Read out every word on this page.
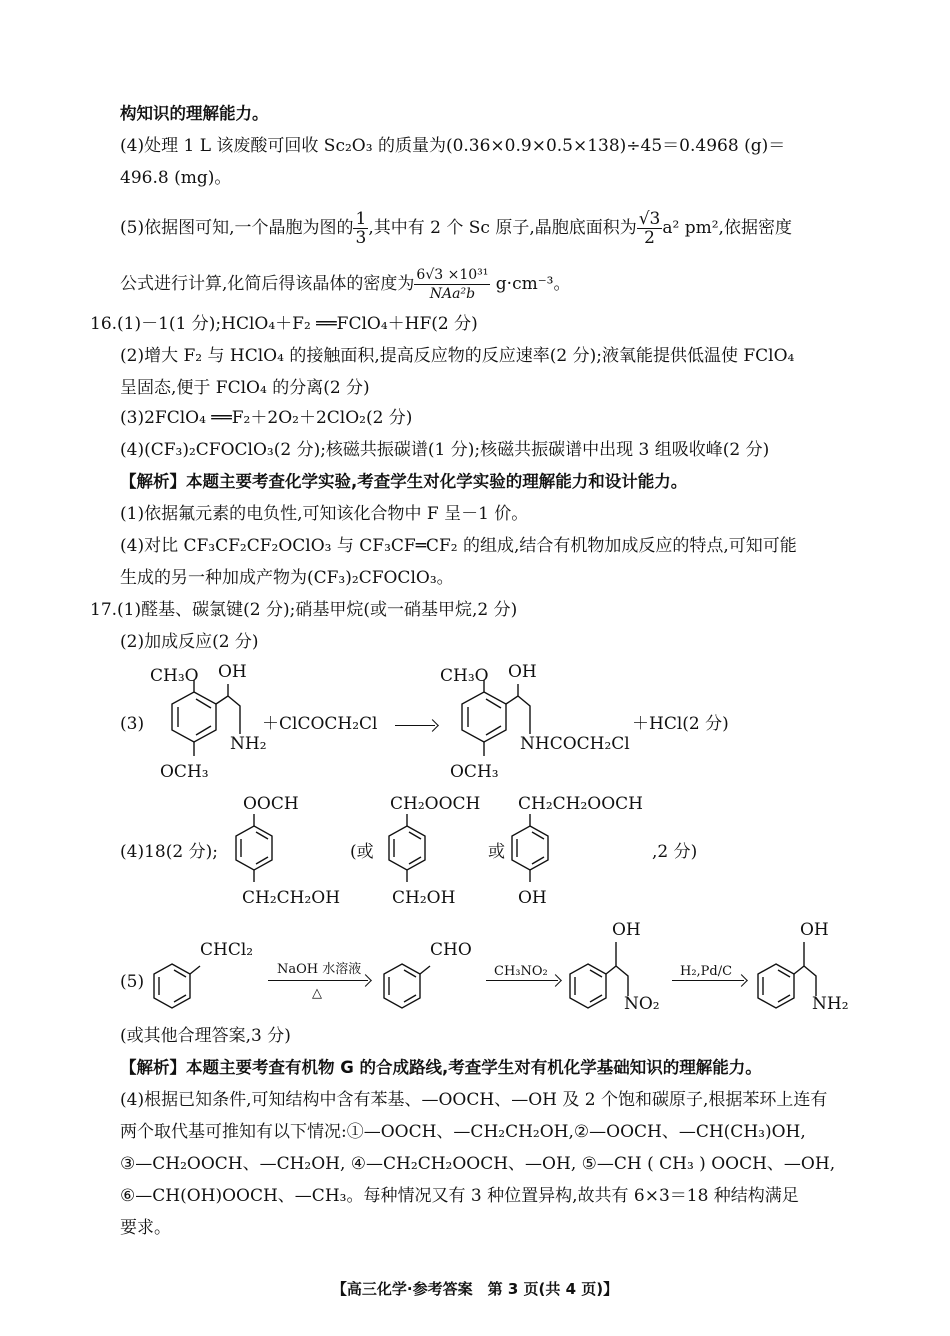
构知识的理解能力。
(4)处理 1 L 该废酸可回收 Sc₂O₃ 的质量为(0.36×0.9×0.5×138)÷45＝0.4968 (g)＝
496.8 (mg)。
(5)依据图可知,一个晶胞为图的 $\frac{1}{3}$ ,其中有 2 个 Sc 原子,晶胞底面积为 $\frac{√3}{2} a^2$ pm²,依据密度
公式进行计算,化简后得该晶体的密度为 $\frac{\text{6√3 ×10³¹}}{\text{NAa²b}} g\cdot cm^{-3}$。
16.(1)－1(1 分);HClO₄＋F₂ ══FClO₄＋HF(2 分)
(2)增大 F₂ 与 HClO₄ 的接触面积,提高反应物的反应速率(2 分);液氧能提供低温使 FClO₄
呈固态,便于 FClO₄ 的分离(2 分)
(3)2FClO₄ ══F₂＋2O₂＋2ClO₂(2 分)
(4)(CF₃)₂CFOClO₃(2 分);核磁共振碳谱(1 分);核磁共振碳谱中出现 3 组吸收峰(2 分)
【解析】本题主要考查化学实验,考查学生对化学实验的理解能力和设计能力。
(1)依据氟元素的电负性,可知该化合物中 F 呈－1 价。
(4)对比 CF₃CF₂CF₂OClO₃ 与 CF₃CF═CF₂ 的组成,结合有机物加成反应的特点,可知可能
生成的另一种加成产物为(CF₃)₂CFOClO₃。
17.(1)醛基、碳氯键(2 分);硝基甲烷(或一硝基甲烷,2 分)
(2)加成反应(2 分)
(3)
CH₃O OH
NH₂
OCH₃
＋ClCOCH₂Cl
CH₃O OH
NHCOCH₂Cl
OCH₃
＋HCl(2 分)
(4)18(2 分);
OOCH
CH₂CH₂OH
(或
CH₂OOCH
CH₂OH
或
CH₂CH₂OOCH
OH
,2 分)
(5)
CHCl₂
NaOH 水溶液
△
CHO
CH₃NO₂
OH
NO₂
H₂,Pd/C
OH
NH₂
(或其他合理答案,3 分)
【解析】本题主要考查有机物 G 的合成路线,考查学生对有机化学基础知识的理解能力。
(4)根据已知条件,可知结构中含有苯基、—OOCH、—OH 及 2 个饱和碳原子,根据苯环上连有
两个取代基可推知有以下情况:①—OOCH、—CH₂CH₂OH,②—OOCH、—CH(CH₃)OH,
③—CH₂OOCH、—CH₂OH, ④—CH₂CH₂OOCH、—OH, ⑤—CH ( CH₃ ) OOCH、—OH,
⑥—CH(OH)OOCH、—CH₃。每种情况又有 3 种位置异构,故共有 6×3＝18 种结构满足
要求。
【高三化学·参考答案　第 3 页(共 4 页)】
